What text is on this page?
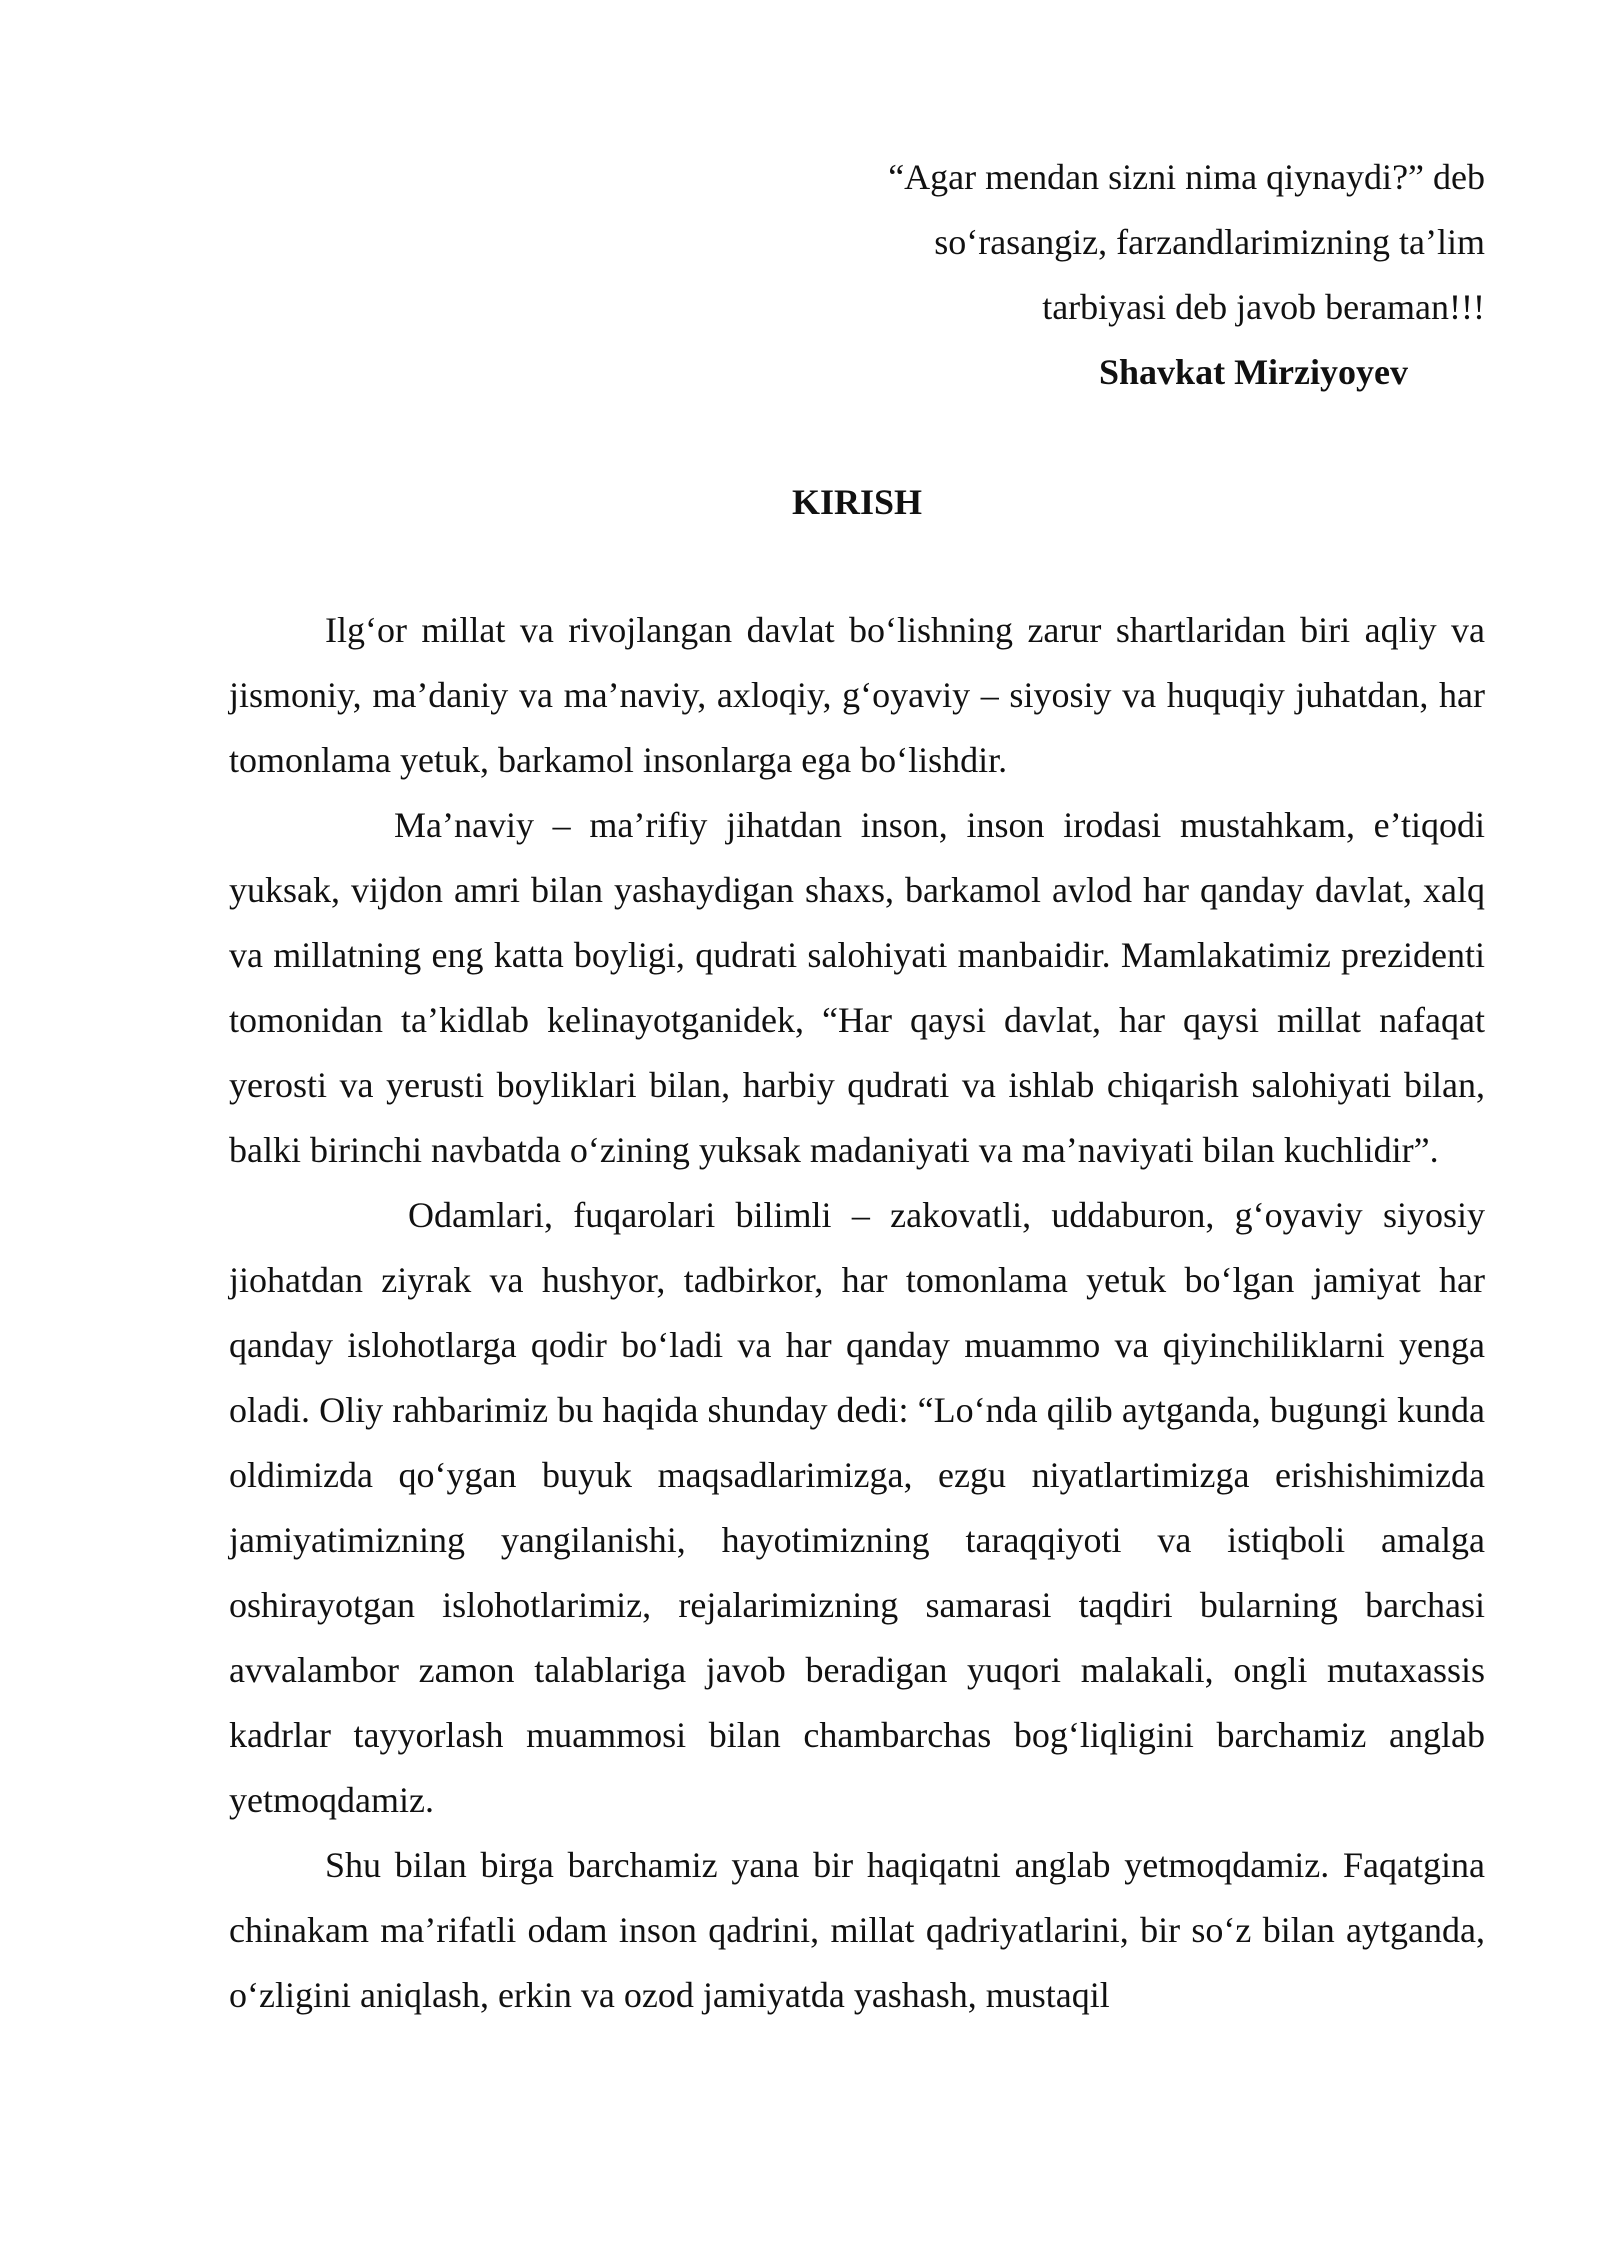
“Agar mendan sizni nima qiynaydi?” deb
so‘rasangiz, farzandlarimizning ta’lim
tarbiyasi deb javob beraman!!!
Shavkat Mirziyoyev
KIRISH

Ilg‘or millat va rivojlangan davlat bo‘lishning zarur shartlaridan biri aqliy va jismoniy, ma’daniy va ma’naviy, axloqiy, g‘oyaviy – siyosiy va huquqiy juhatdan, har tomonlama yetuk, barkamol insonlarga ega bo‘lishdir.

Ma’naviy – ma’rifiy jihatdan inson, inson irodasi mustahkam, e’tiqodi yuksak, vijdon amri bilan yashaydigan shaxs, barkamol avlod har qanday davlat, xalq va millatning eng katta boyligi, qudrati salohiyati manbaidir. Mamlakatimiz prezidenti tomonidan ta’kidlab kelinayotganidek, “Har qaysi davlat, har qaysi millat nafaqat yerosti va yerusti boyliklari bilan, harbiy qudrati va ishlab chiqarish salohiyati bilan, balki birinchi navbatda o‘zining yuksak madaniyati va ma’naviyati bilan kuchlidir”.

Odamlari, fuqarolari bilimli – zakovatli, uddaburon, g‘oyaviy siyosiy jiohatdan ziyrak va hushyor, tadbirkor, har tomonlama yetuk bo‘lgan jamiyat har qanday islohotlarga qodir bo‘ladi va har qanday muammo va qiyinchiliklarni yenga oladi. Oliy rahbarimiz bu haqida shunday dedi: “Lo‘nda qilib aytganda, bugungi kunda oldimizda qo‘ygan buyuk maqsadlarimizga, ezgu niyatlartimizga erishishimizda jamiyatimizning yangilanishi, hayotimizning taraqqiyoti va istiqboli amalga oshirayotgan islohotlarimiz, rejalarimizning samarasi taqdiri bularning barchasi avvalambor zamon talablariga javob beradigan yuqori malakali, ongli mutaxassis kadrlar tayyorlash muammosi bilan chambarchas bog‘liqligini barchamiz anglab yetmoqdamiz.

Shu bilan birga barchamiz yana bir haqiqatni anglab yetmoqdamiz. Faqatgina chinakam ma’rifatli odam inson qadrini, millat qadriyatlarini, bir so‘z bilan aytganda, o‘zligini aniqlash, erkin va ozod jamiyatda yashash, mustaqil
